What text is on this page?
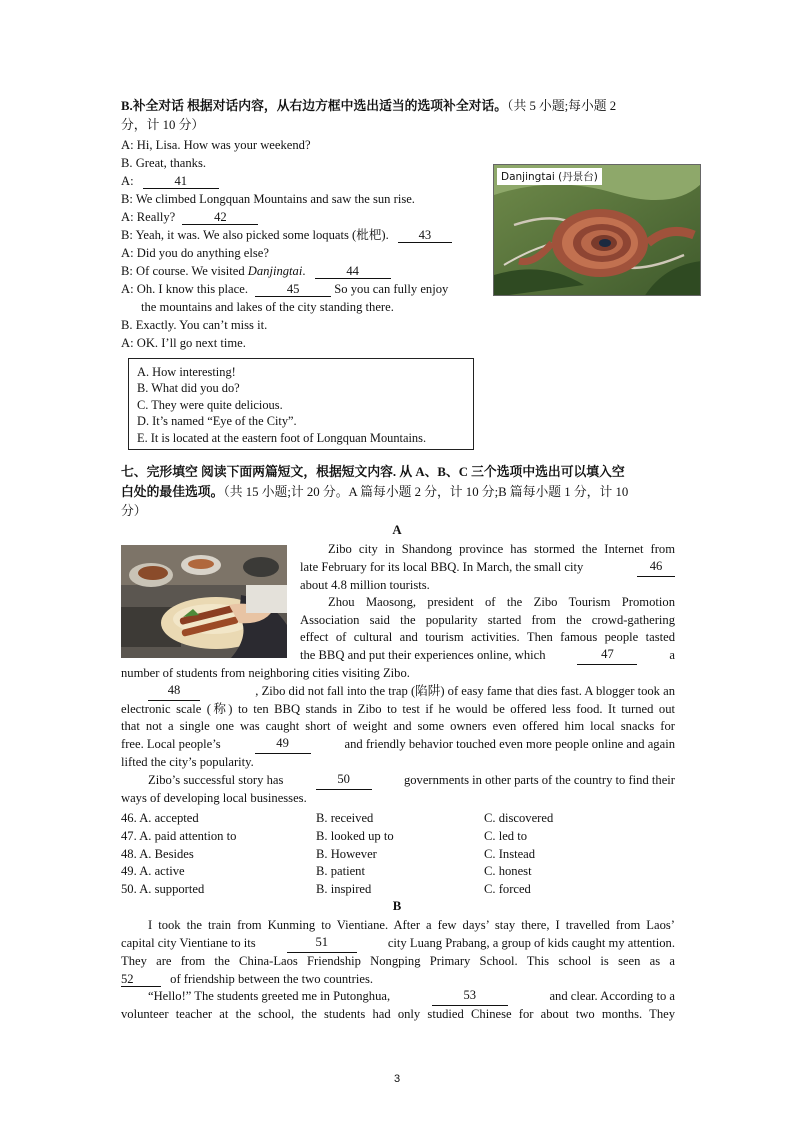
B.补全对话 根据对话内容，从右边方框中选出适当的选项补全对话。（共 5 小题;每小题 2
分，计 10 分）
A: Hi, Lisa. How was your weekend?
B. Great, thanks.
A:	41
B: We climbed Longquan Mountains and saw the sun rise.
A: Really?	42
B: Yeah, it was. We also picked some loquats (枇杷). 43
A: Did you do anything else?
B: Of course. We visited Danjingtai.	44
A: Oh. I know this place.	45	So you can fully enjoy
the mountains and lakes of the city standing there.
B. Exactly. You can’t miss it.
A: OK. I’ll go next time.
Danjingtai (丹景台)
A. How interesting!
B. What did you do?
C. They were quite delicious.
D. It’s named “Eye of the City”.
E. It is located at the eastern foot of Longquan Mountains.
七、完形填空 阅读下面两篇短文，根据短文内容. 从 A、B、C 三个选项中选出可以填入空
白处的最佳选项。（共 15 小题;计 20 分。A 篇每小题 2 分，计 10 分;B 篇每小题 1 分，计 10
分）
A
Zibo city in Shandong province has stormed the Internet from
late February for its local BBQ. In March, the small city	46
about 4.8 million tourists.
Zhou Maosong, president of the Zibo Tourism Promotion
Association said the popularity started from the crowd-gathering
effect of cultural and tourism activities. Then famous people tasted
the BBQ and put their experiences online, which	47	a
number of students from neighboring cities visiting Zibo.
48	, Zibo did not fall into the trap (陷阱) of easy fame that dies fast. A blogger took an
electronic scale (称) to ten BBQ stands in Zibo to test if he would be offered less food. It turned out
that not a single one was caught short of weight and some owners even offered him local snacks for
free. Local people’s	49	and friendly behavior touched even more people online and again
lifted the city’s popularity.
Zibo’s successful story has	50	governments in other parts of the country to find their
ways of developing local businesses.
46. A. accepted	B. received	C. discovered
47. A. paid attention to	B. looked up to	C. led to
48. A. Besides	B. However	C. Instead
49. A. active	B. patient	C. honest
50. A. supported	B. inspired	C. forced
B
I took the train from Kunming to Vientiane. After a few days’ stay there, I travelled from Laos’
capital city Vientiane to its	51	city Luang Prabang, a group of kids caught my attention.
They are from the China-Laos Friendship Nongping Primary School. This school is seen as a
52	of friendship between the two countries.
“Hello!” The students greeted me in Putonghua,	53	and clear. According to a
volunteer teacher at the school, the students had only studied Chinese for about two months. They
3
